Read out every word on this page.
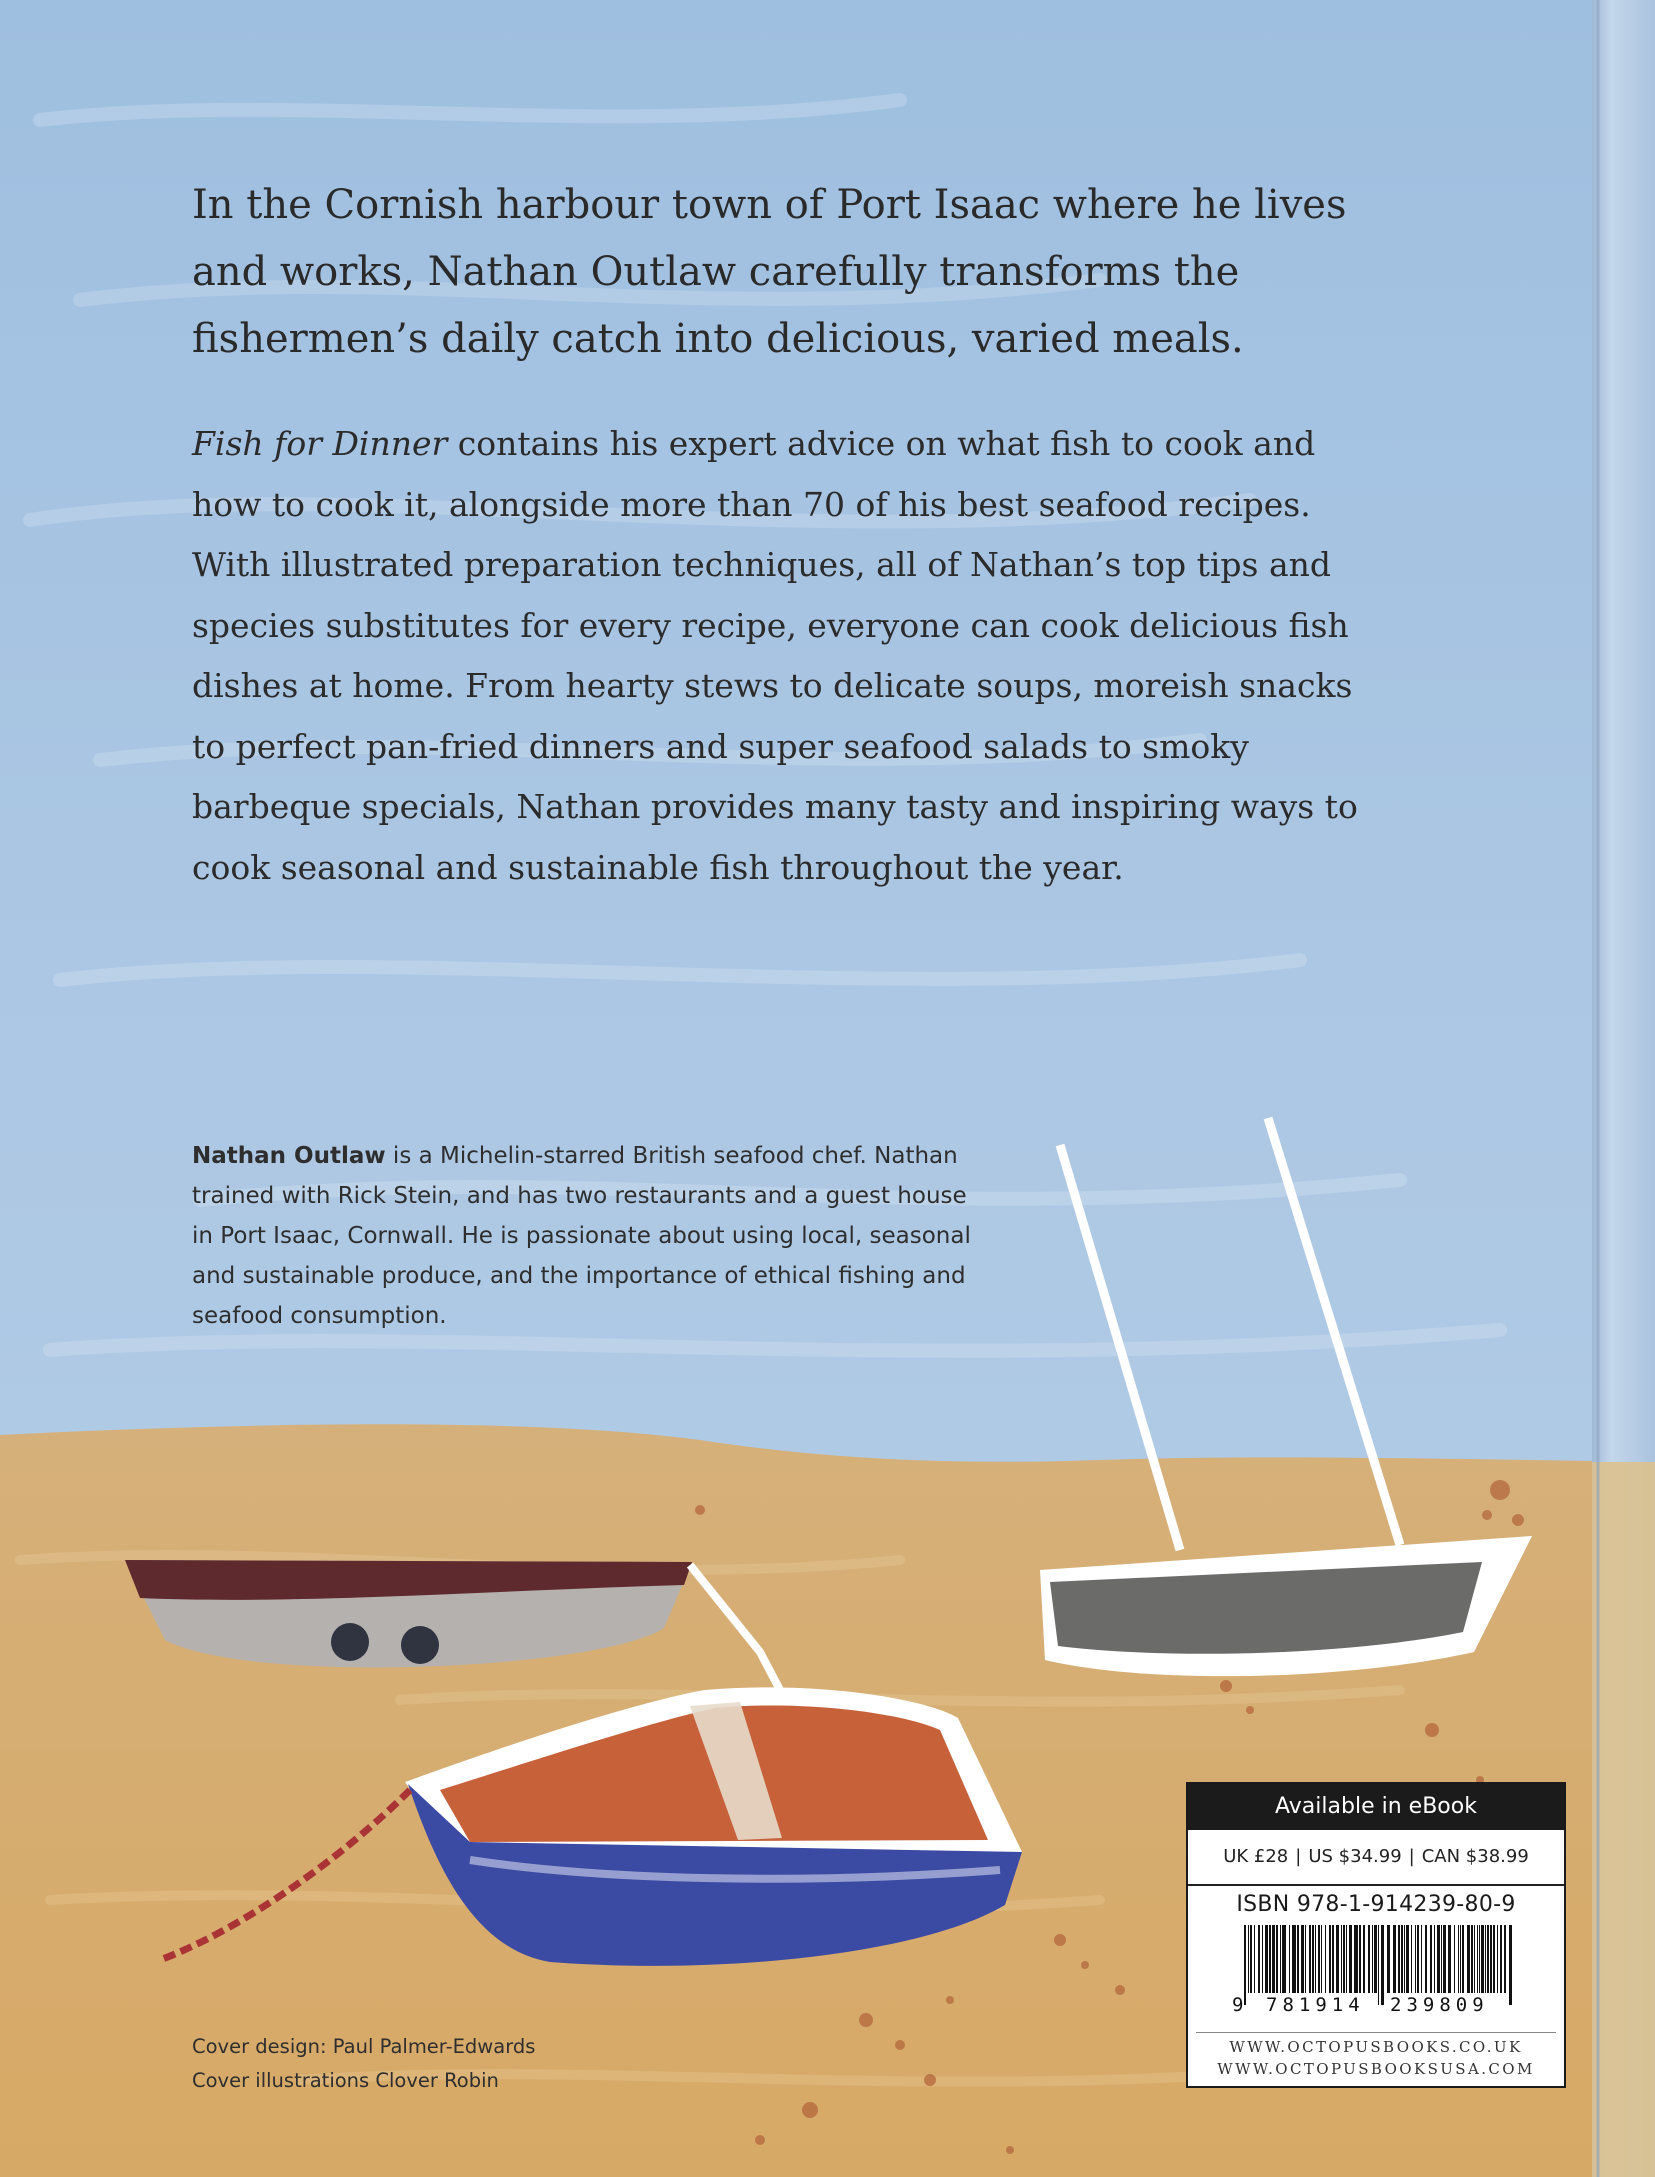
In the Cornish harbour town of Port Isaac where he lives and works, Nathan Outlaw carefully transforms the fishermen’s daily catch into delicious, varied meals.

Fish for Dinner contains his expert advice on what fish to cook and how to cook it, alongside more than 70 of his best seafood recipes. With illustrated preparation techniques, all of Nathan’s top tips and species substitutes for every recipe, everyone can cook delicious fish dishes at home. From hearty stews to delicate soups, moreish snacks to perfect pan-fried dinners and super seafood salads to smoky barbeque specials, Nathan provides many tasty and inspiring ways to cook seasonal and sustainable fish throughout the year.

Nathan Outlaw is a Michelin-starred British seafood chef. Nathan trained with Rick Stein, and has two restaurants and a guest house in Port Isaac, Cornwall. He is passionate about using local, seasonal and sustainable produce, and the importance of ethical fishing and seafood consumption.

Cover design: Paul Palmer-Edwards
Cover illustrations Clover Robin
Available in eBook
UK £28 | US $34.99 | CAN $38.99
ISBN 978-1-914239-80-9
9 781914 239809
WWW.OCTOPUSBOOKS.CO.UK
WWW.OCTOPUSBOOKSUSA.COM
